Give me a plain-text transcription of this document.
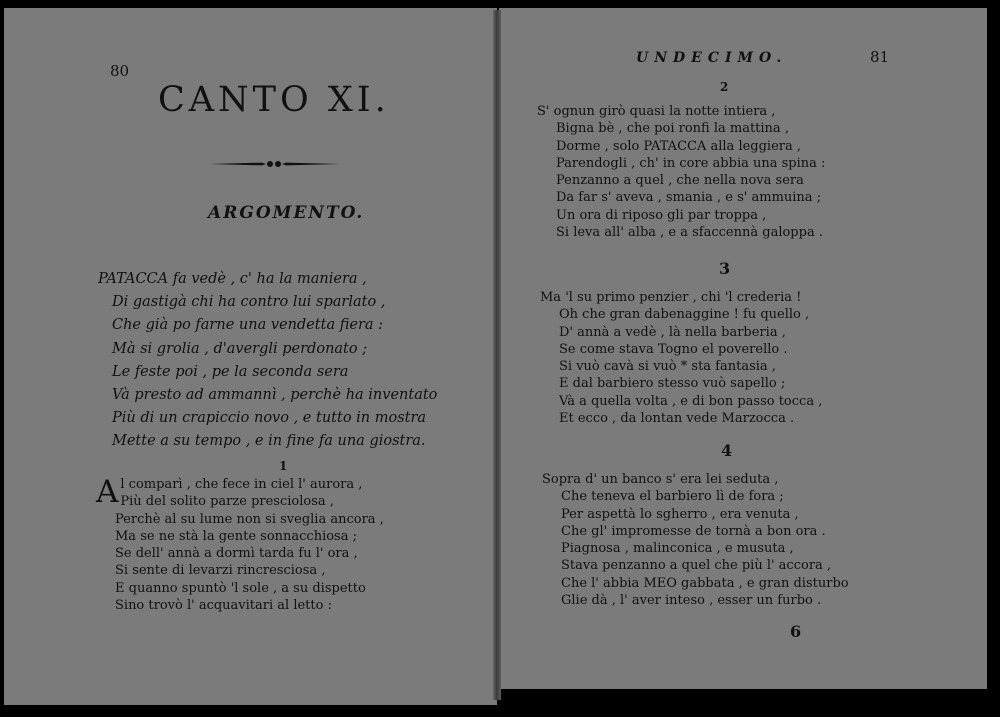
80
CANTO XI.
ARGOMENTO.
PATACCA fa vedè , c' ha la maniera ,
Di gastigà chi ha contro lui sparlato ,
Che già po farne una vendetta fiera :
Mà si grolia , d'avergli perdonato ;
Le feste poi , pe la seconda sera
Và presto ad ammannì , perchè ha inventato
Più di un crapiccio novo , e tutto in mostra
Mette a su tempo , e in fine fa una giostra.
1
A l comparì , che fece in ciel l' aurora ,
Più del solito parze presciolosa ,
Perchè al su lume non si sveglia ancora ,
Ma se ne stà la gente sonnacchiosa ;
Se dell' annà a dormì tarda fu l' ora ,
Si sente di levarzi rincresciosa ,
E quanno spuntò 'l sole , a su dispetto
Sino trovò l' acquavitari al letto :
UNDECIMO.	81
2
S' ognun girò quasi la notte intiera ,
Bigna bè , che poi ronfi la mattina ,
Dorme , solo PATACCA alla leggiera ,
Parendogli , ch' in core abbia una spina :
Penzanno a quel , che nella nova sera
Da far s' aveva , smania , e s' ammuina ;
Un ora di riposo gli par troppa ,
Si leva all' alba , e a sfaccennà galoppa .
3
Ma 'l su primo penzier , chi 'l crederia !
Oh che gran dabenaggine ! fu quello ,
D' annà a vedè , là nella barberia ,
Se come stava Togno el poverello .
Si vuò cavà si vuò * sta fantasia ,
E dal barbiero stesso vuò sapello ;
Và a quella volta , e di bon passo tocca ,
Et ecco , da lontan vede Marzocca .
4
Sopra d' un banco s' era lei seduta ,
Che teneva el barbiero lì de fora ;
Per aspettà lo sgherro , era venuta ,
Che gl' impromesse de tornà a bon ora .
Piagnosa , malinconica , e musuta ,
Stava penzanno a quel che più l' accora ,
Che l' abbia MEO gabbata , e gran disturbo
Glie dà , l' aver inteso , esser un furbo .
6
